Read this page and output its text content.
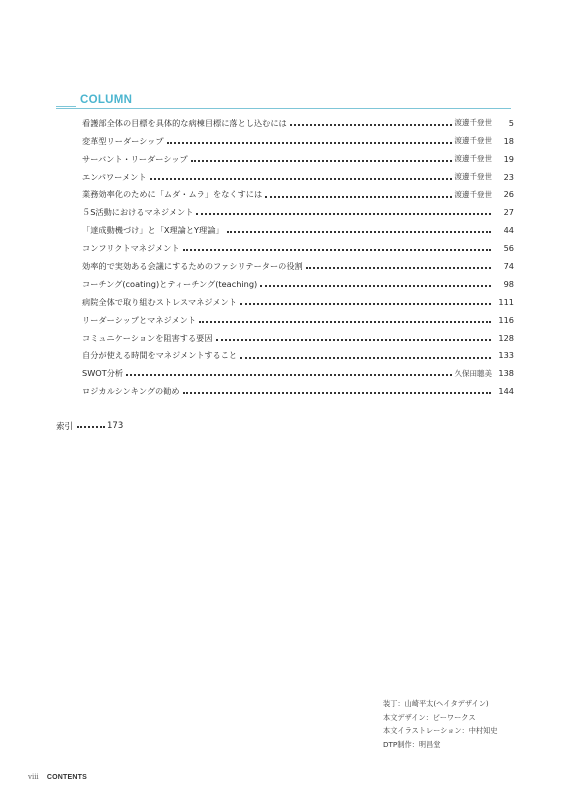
COLUMN
看護部全体の目標を具体的な病棟目標に落とし込むには	渡邊千登世	5
変革型リーダーシップ	渡邊千登世	18
サーバント・リーダーシップ	渡邊千登世	19
エンパワーメント	渡邊千登世	23
業務効率化のために「ムダ・ムラ」をなくすには	渡邊千登世	26
５S活動におけるマネジメント	27
「達成動機づけ」と「X理論とY理論」	44
コンフリクトマネジメント	56
効率的で実効ある会議にするためのファシリテーターの役割	74
コーチング(coating)とティーチング(teaching)	98
病院全体で取り組むストレスマネジメント	111
リーダーシップとマネジメント	116
コミュニケーションを阻害する要因	128
自分が使える時間をマネジメントすること	133
SWOT分析	久保田聴美 138
ロジカルシンキングの勧め	144
索引	173
装丁：山崎平太(ヘイタデザイン)
本文デザイン：ビーワークス
本文イラストレーション：中村知史
DTP制作：明昌堂
viii CONTENTS
